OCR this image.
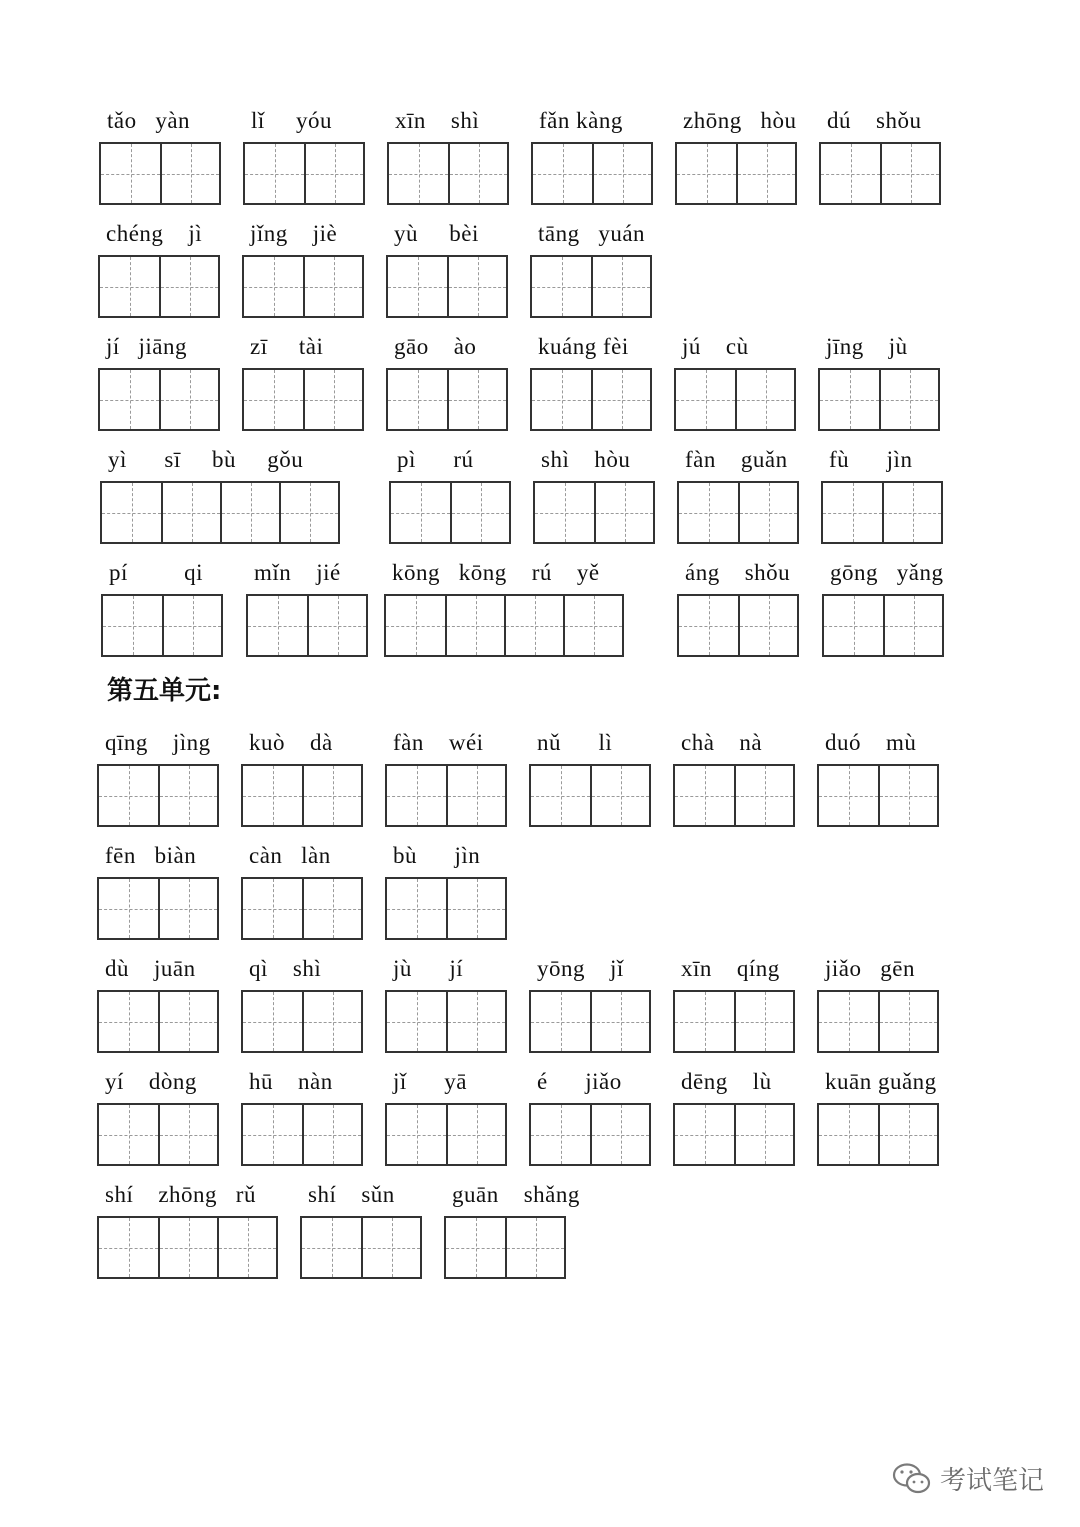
tǎo   yàn	lǐ     yóu	xīn    shì	fǎn kàng	zhōng   hòu dú    shǒu
chéng    jì jǐng    jiè yù     bèi	tāng   yuán
jí   jiāng	zī     tài	gāo    ào	kuáng fèi jú    cù	jīng    jù
yì      sī     bù     gǒu	pì      rú	shì    hòu fàn    guǎn fù      jìn
pí         qi mǐn    jié kōng   kōng    rú    yě	áng    shǒu gōng   yǎng
第五单元:
qīng    jìng kuò    dà	fàn    wéi nǔ      lì	chà    nà	duó    mù
fēn   biàn càn   làn	bù      jìn
dù    juān qì    shì	jù      jí	yōng    jǐ xīn    qíng jiǎo   gēn
yí    dòng hū    nàn	jǐ      yā	é      jiǎo	dēng    lù kuān guǎng
shí    zhōng   rǔ shí    sǔn guān    shǎng
考试笔记
